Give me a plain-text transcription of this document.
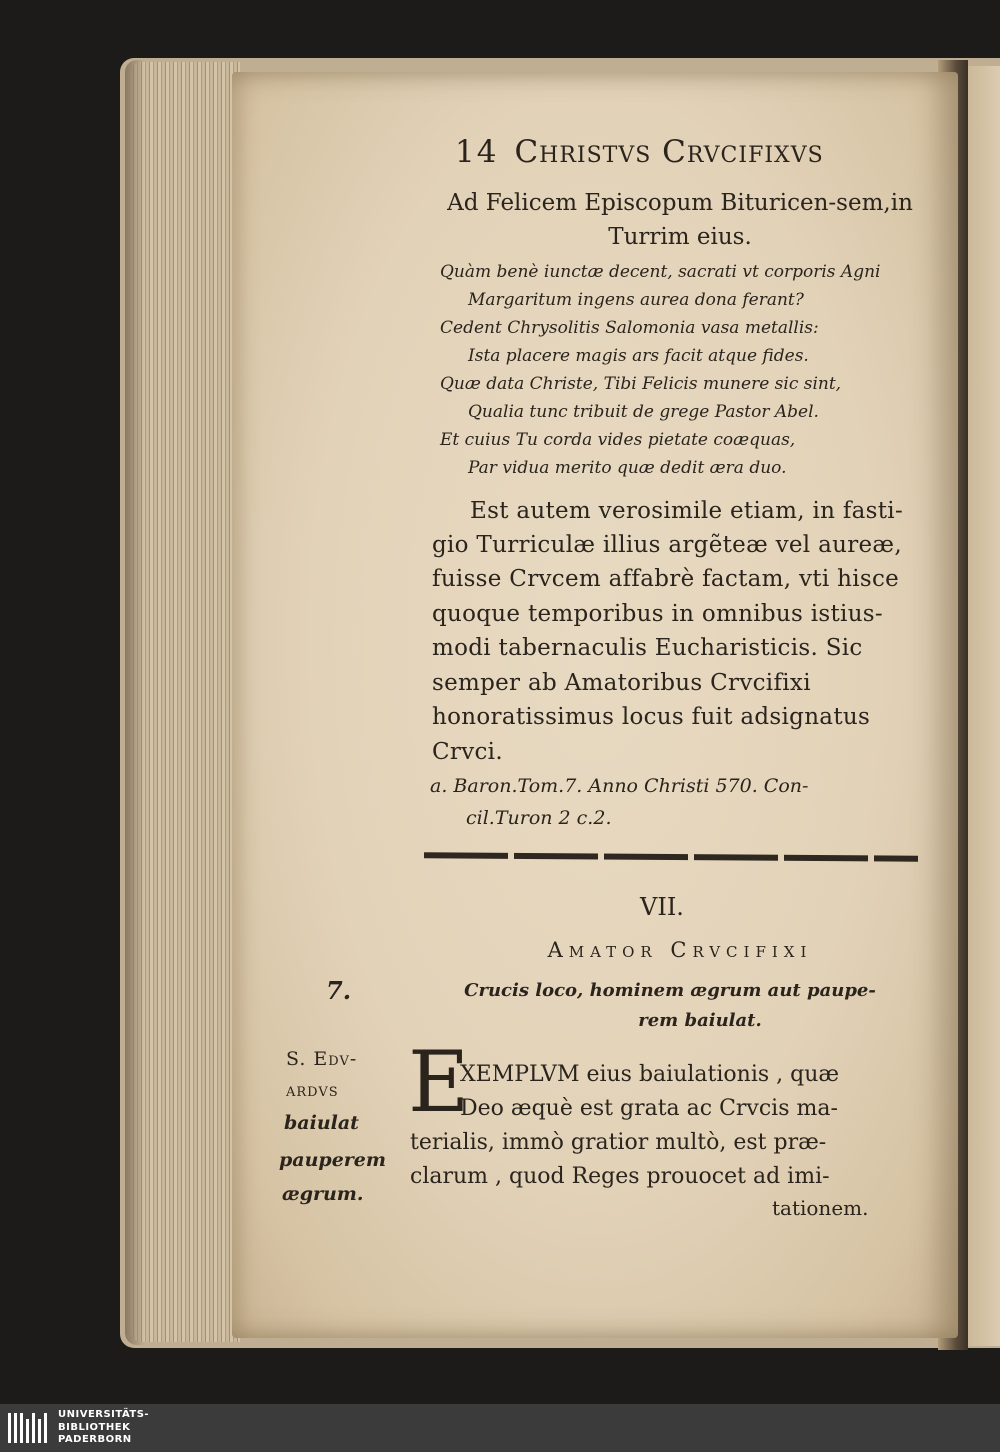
14 Christvs Crvcifixvs
Ad Felicem Episcopum Bituricen-sem,in Turrim eius.
Quàm benè iunctæ decent, sacrati vt corporis Agni
Margaritum ingens aurea dona ferant?
Cedent Chrysolitis Salomonia vasa metallis:
Ista placere magis ars facit atque fides.
Quæ data Christe, Tibi Felicis munere sic sint,
Qualia tunc tribuit de grege Pastor Abel.
Et cuius Tu corda vides pietate coæquas,
Par vidua merito quæ dedit æra duo.
Est autem verosimile etiam, in fasti-
gio Turriculæ illius argẽteæ vel aureæ,
fuisse Crvcem affabrè factam, vti hisce
quoque temporibus in omnibus istius-
modi tabernaculis Eucharisticis. Sic
semper ab Amatoribus Crvcifixi
honoratissimus locus fuit adsignatus
Crvci.
a. Baron.Tom.7. Anno Christi 570. Con-
cil.Turon 2 c.2.
VII.
Amator Crvcifixi
Crucis loco, hominem ægrum aut paupe-
rem baiulat.
7.
S. Edv-
ardvs
baiulat
pauperem
ægrum.
E
XEMPLVM eius baiulationis , quæ
Deo æquè est grata ac Crvcis ma-
terialis, immò gratior multò, est præ-
clarum , quod Reges prouocet ad imi-
tationem.
UNIVERSITÄTS-
BIBLIOTHEK
PADERBORN
